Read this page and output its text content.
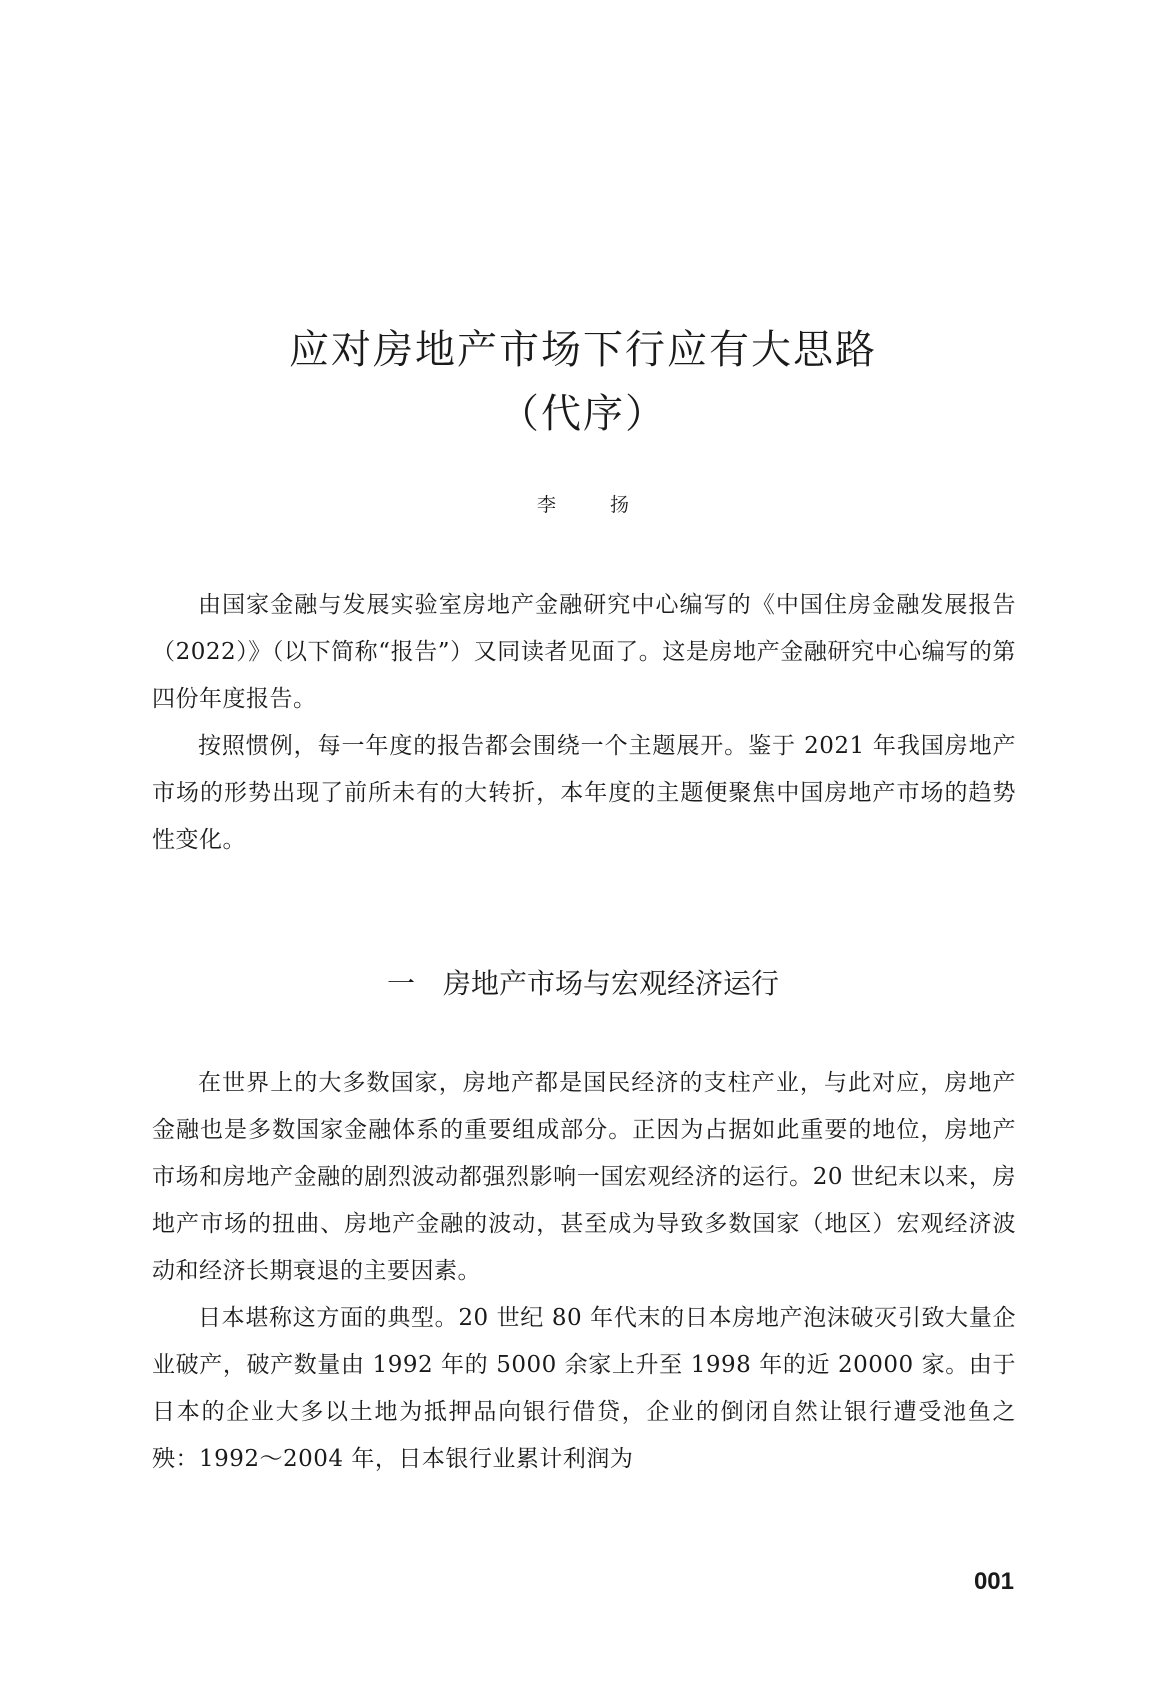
应对房地产市场下行应有大思路
（代序）
李 扬

由国家金融与发展实验室房地产金融研究中心编写的《中国住房金融发展报告（2022）》（以下简称“报告”）又同读者见面了。这是房地产金融研究中心编写的第四份年度报告。

按照惯例，每一年度的报告都会围绕一个主题展开。鉴于 2021 年我国房地产市场的形势出现了前所未有的大转折，本年度的主题便聚焦中国房地产市场的趋势性变化。

一 房地产市场与宏观经济运行

在世界上的大多数国家，房地产都是国民经济的支柱产业，与此对应，房地产金融也是多数国家金融体系的重要组成部分。正因为占据如此重要的地位，房地产市场和房地产金融的剧烈波动都强烈影响一国宏观经济的运行。20 世纪末以来，房地产市场的扭曲、房地产金融的波动，甚至成为导致多数国家（地区）宏观经济波动和经济长期衰退的主要因素。

日本堪称这方面的典型。20 世纪 80 年代末的日本房地产泡沫破灭引致大量企业破产，破产数量由 1992 年的 5000 余家上升至 1998 年的近 20000 家。由于日本的企业大多以土地为抵押品向银行借贷，企业的倒闭自然让银行遭受池鱼之殃：1992～2004 年，日本银行业累计利润为

001
